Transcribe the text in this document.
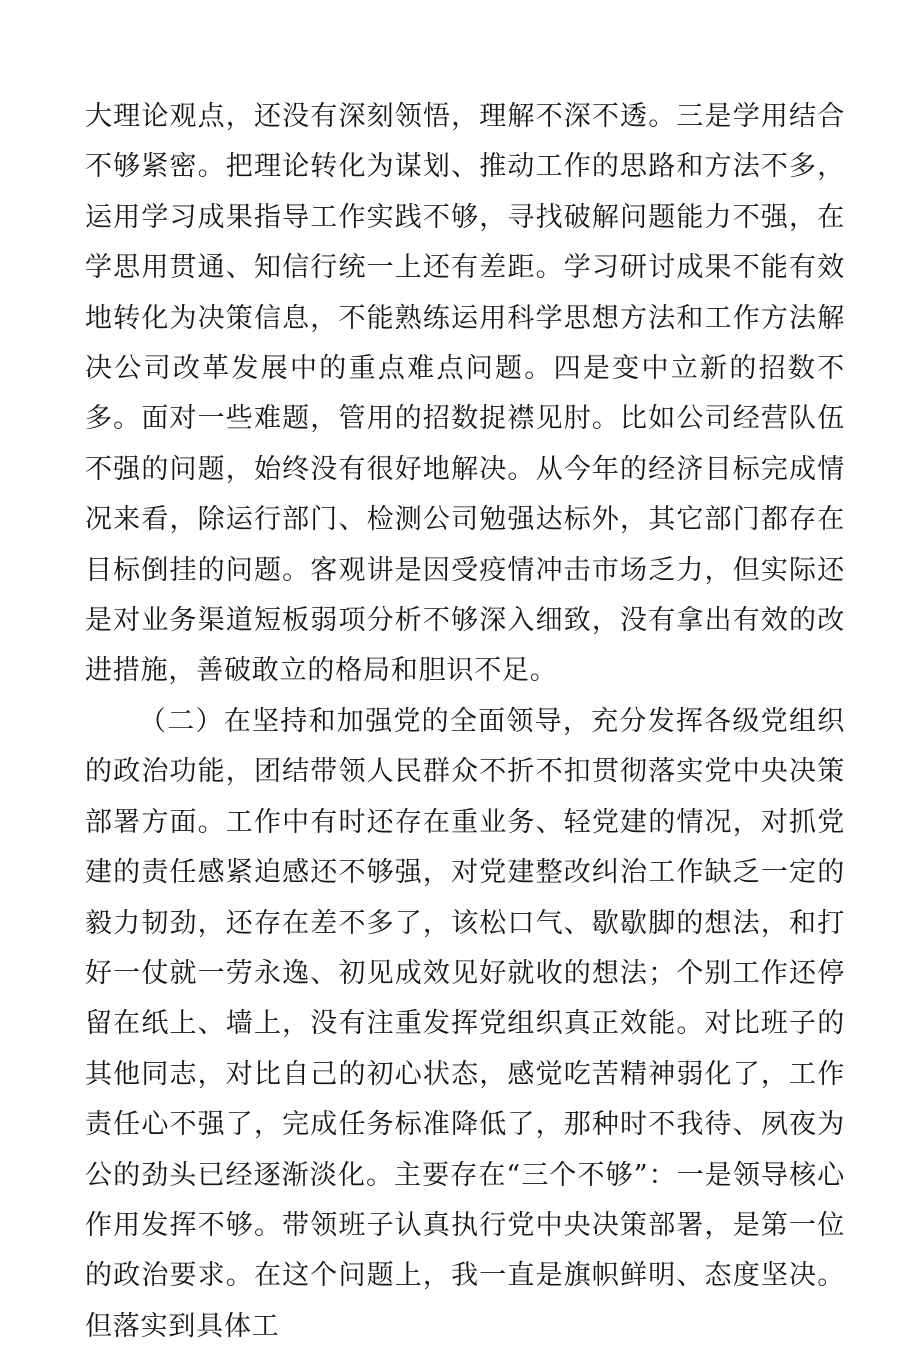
大理论观点，还没有深刻领悟，理解不深不透。三是学用结合不够紧密。把理论转化为谋划、推动工作的思路和方法不多，运用学习成果指导工作实践不够，寻找破解问题能力不强，在学思用贯通、知信行统一上还有差距。学习研讨成果不能有效地转化为决策信息，不能熟练运用科学思想方法和工作方法解决公司改革发展中的重点难点问题。四是变中立新的招数不多。面对一些难题，管用的招数捉襟见肘。比如公司经营队伍不强的问题，始终没有很好地解决。从今年的经济目标完成情况来看，除运行部门、检测公司勉强达标外，其它部门都存在目标倒挂的问题。客观讲是因受疫情冲击市场乏力，但实际还是对业务渠道短板弱项分析不够深入细致，没有拿出有效的改进措施，善破敢立的格局和胆识不足。

（二）在坚持和加强党的全面领导，充分发挥各级党组织的政治功能，团结带领人民群众不折不扣贯彻落实党中央决策部署方面。工作中有时还存在重业务、轻党建的情况，对抓党建的责任感紧迫感还不够强，对党建整改纠治工作缺乏一定的毅力韧劲，还存在差不多了，该松口气、歇歇脚的想法，和打好一仗就一劳永逸、初见成效见好就收的想法；个别工作还停留在纸上、墙上，没有注重发挥党组织真正效能。对比班子的其他同志，对比自己的初心状态，感觉吃苦精神弱化了，工作责任心不强了，完成任务标准降低了，那种时不我待、夙夜为公的劲头已经逐渐淡化。主要存在“三个不够”：一是领导核心作用发挥不够。带领班子认真执行党中央决策部署，是第一位的政治要求。在这个问题上，我一直是旗帜鲜明、态度坚决。但落实到具体工
